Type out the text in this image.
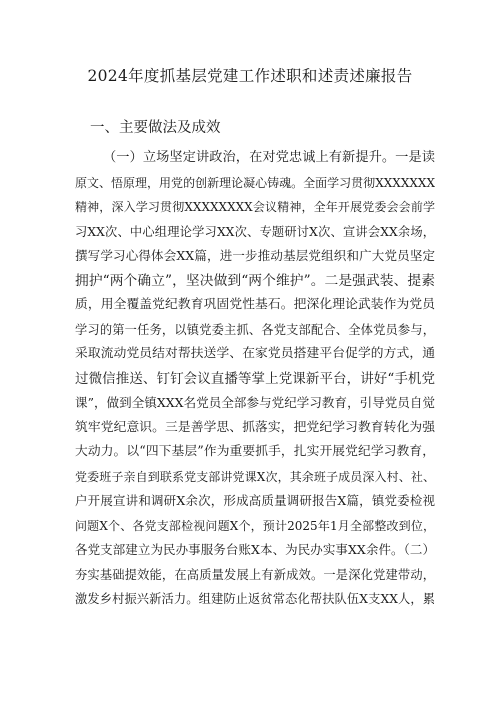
2024年度抓基层党建工作述职和述责述廉报告
一、主要做法及成效
（一）立场坚定讲政治，在对党忠诚上有新提升。一是读
原文、悟原理，用党的创新理论凝心铸魂。全面学习贯彻XXXXXXX
精神，深入学习贯彻XXXXXXXX会议精神，全年开展党委会会前学
习XX次、中心组理论学习XX次、专题研讨X次、宣讲会XX余场，
撰写学习心得体会XX篇，进一步推动基层党组织和广大党员坚定
拥护“两个确立”，坚决做到“两个维护”。二是强武装、提素
质，用全覆盖党纪教育巩固党性基石。把深化理论武装作为党员
学习的第一任务，以镇党委主抓、各党支部配合、全体党员参与，
采取流动党员结对帮扶送学、在家党员搭建平台促学的方式，通
过微信推送、钉钉会议直播等掌上党课新平台，讲好“手机党
课”，做到全镇XXX名党员全部参与党纪学习教育，引导党员自觉
筑牢党纪意识。三是善学思、抓落实，把党纪学习教育转化为强
大动力。以“四下基层”作为重要抓手，扎实开展党纪学习教育，
党委班子亲自到联系党支部讲党课X次，其余班子成员深入村、社、
户开展宣讲和调研X余次，形成高质量调研报告X篇，镇党委检视
问题X个、各党支部检视问题X个，预计2025年1月全部整改到位，
各党支部建立为民办事服务台账X本、为民办实事XX余件。（二）
夯实基础提效能，在高质量发展上有新成效。一是深化党建带动，
激发乡村振兴新活力。组建防止返贫常态化帮扶队伍X支XX人，累
